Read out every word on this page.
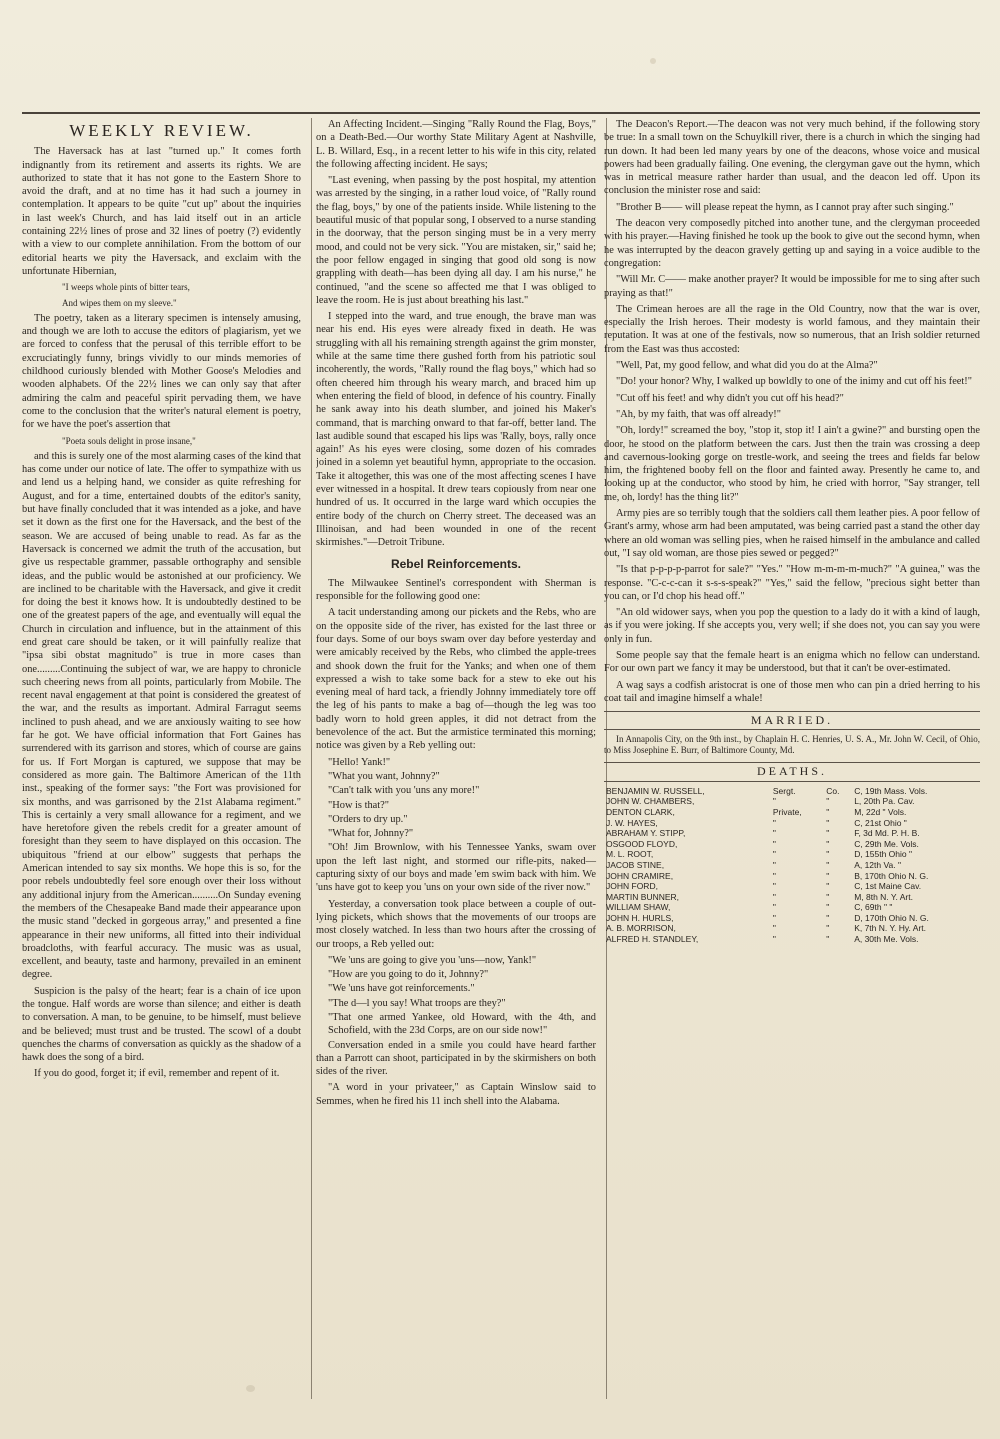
WEEKLY REVIEW.

The Haversack has at last "turned up." It comes forth indignantly from its retirement and asserts its rights. We are authorized to state that it has not gone to the Eastern Shore to avoid the draft, and at no time has it had such a journey in contemplation. It appears to be quite "cut up" about the inquiries in last week's Church, and has laid itself out in an article containing 22½ lines of prose and 32 lines of poetry (?) evidently with a view to our complete annihilation. From the bottom of our editorial hearts we pity the Haversack, and exclaim with the unfortunate Hibernian,

"I weeps whole pints of bitter tears,

And wipes them on my sleeve."

The poetry, taken as a literary specimen is intensely amusing, and though we are loth to accuse the editors of plagiarism, yet we are forced to confess that the perusal of this terrible effort to be excruciatingly funny, brings vividly to our minds memories of childhood curiously blended with Mother Goose's Melodies and wooden alphabets. Of the 22½ lines we can only say that after admiring the calm and peaceful spirit pervading them, we have come to the conclusion that the writer's natural element is poetry, for we have the poet's assertion that

"Poeta souls delight in prose insane,"

and this is surely one of the most alarming cases of the kind that has come under our notice of late. The offer to sympathize with us and lend us a helping hand, we consider as quite refreshing for August, and for a time, entertained doubts of the editor's sanity, but have finally concluded that it was intended as a joke, and have set it down as the first one for the Haversack, and the best of the season. We are accused of being unable to read. As far as the Haversack is concerned we admit the truth of the accusation, but give us respectable grammer, passable orthography and sensible ideas, and the public would be astonished at our proficiency. We are inclined to be charitable with the Haversack, and give it credit for doing the best it knows how. It is undoubtedly destined to be one of the greatest papers of the age, and eventually will equal the Church in circulation and influence, but in the attainment of this end great care should be taken, or it will painfully realize that "ipsa sibi obstat magnitudo" is true in more cases than one.........Continuing the subject of war, we are happy to chronicle such cheering news from all points, particularly from Mobile. The recent naval engagement at that point is considered the greatest of the war, and the results as important. Admiral Farragut seems inclined to push ahead, and we are anxiously waiting to see how far he got. We have official information that Fort Gaines has surrendered with its garrison and stores, which of course are gains for us. If Fort Morgan is captured, we suppose that may be considered as more gain. The Baltimore American of the 11th inst., speaking of the former says: "the Fort was provisioned for six months, and was garrisoned by the 21st Alabama regiment." This is certainly a very small allowance for a regiment, and we have heretofore given the rebels credit for a greater amount of foresight than they seem to have displayed on this occasion. The ubiquitous "friend at our elbow" suggests that perhaps the American intended to say six months. We hope this is so, for the poor rebels undoubtedly feel sore enough over their loss without any additional injury from the American..........On Sunday evening the members of the Chesapeake Band made their appearance upon the music stand "decked in gorgeous array," and presented a fine appearance in their new uniforms, all fitted into their individual broadcloths, with fearful accuracy. The music was as usual, excellent, and beauty, taste and harmony, prevailed in an eminent degree.

Suspicion is the palsy of the heart; fear is a chain of ice upon the tongue. Half words are worse than silence; and either is death to conversation. A man, to be genuine, to be himself, must believe and be believed; must trust and be trusted. The scowl of a doubt quenches the charms of conversation as quickly as the shadow of a hawk does the song of a bird.

If you do good, forget it; if evil, remember and repent of it.

An Affecting Incident.—Singing "Rally Round the Flag, Boys," on a Death-Bed.—Our worthy State Military Agent at Nashville, L. B. Willard, Esq., in a recent letter to his wife in this city, related the following affecting incident. He says;

"Last evening, when passing by the post hospital, my attention was arrested by the singing, in a rather loud voice, of "Rally round the flag, boys," by one of the patients inside. While listening to the beautiful music of that popular song, I observed to a nurse standing in the doorway, that the person singing must be in a very merry mood, and could not be very sick. "You are mistaken, sir," said he; the poor fellow engaged in singing that good old song is now grappling with death—has been dying all day. I am his nurse," he continued, "and the scene so affected me that I was obliged to leave the room. He is just about breathing his last."

I stepped into the ward, and true enough, the brave man was near his end. His eyes were already fixed in death. He was struggling with all his remaining strength against the grim monster, while at the same time there gushed forth from his patriotic soul incoherently, the words, "Rally round the flag boys," which had so often cheered him through his weary march, and braced him up when entering the field of blood, in defence of his country. Finally he sank away into his death slumber, and joined his Maker's command, that is marching onward to that far-off, better land. The last audible sound that escaped his lips was 'Rally, boys, rally once again!' As his eyes were closing, some dozen of his comrades joined in a solemn yet beautiful hymn, appropriate to the occasion. Take it altogether, this was one of the most affecting scenes I have ever witnessed in a hospital. It drew tears copiously from near one hundred of us. It occurred in the large ward which occupies the entire body of the church on Cherry street. The deceased was an Illinoisan, and had been wounded in one of the recent skirmishes."—Detroit Tribune.

Rebel Reinforcements.

The Milwaukee Sentinel's correspondent with Sherman is responsible for the following good one:

A tacit understanding among our pickets and the Rebs, who are on the opposite side of the river, has existed for the last three or four days. Some of our boys swam over day before yesterday and were amicably received by the Rebs, who climbed the apple-trees and shook down the fruit for the Yanks; and when one of them expressed a wish to take some back for a stew to eke out his evening meal of hard tack, a friendly Johnny immediately tore off the leg of his pants to make a bag of—though the leg was too badly worn to hold green apples, it did not detract from the benevolence of the act. But the armistice terminated this morning; notice was given by a Reb yelling out:

"Hello! Yank!"

"What you want, Johnny?"

"Can't talk with you 'uns any more!"

"How is that?"

"Orders to dry up."

"What for, Johnny?"

"Oh! Jim Brownlow, with his Tennessee Yanks, swam over upon the left last night, and stormed our rifle-pits, naked—capturing sixty of our boys and made 'em swim back with him. We 'uns have got to keep you 'uns on your own side of the river now."

Yesterday, a conversation took place between a couple of out-lying pickets, which shows that the movements of our troops are most closely watched. In less than two hours after the crossing of our troops, a Reb yelled out:

"We 'uns are going to give you 'uns—now, Yank!"

"How are you going to do it, Johnny?"

"We 'uns have got reinforcements."

"The d—l you say! What troops are they?"

"That one armed Yankee, old Howard, with the 4th, and Schofield, with the 23d Corps, are on our side now!"

Conversation ended in a smile you could have heard farther than a Parrott can shoot, participated in by the skirmishers on both sides of the river.

"A word in your privateer," as Captain Winslow said to Semmes, when he fired his 11 inch shell into the Alabama.

The Deacon's Report.—The deacon was not very much behind, if the following story be true: In a small town on the Schuylkill river, there is a church in which the singing had run down. It had been led many years by one of the deacons, whose voice and musical powers had been gradually failing. One evening, the clergyman gave out the hymn, which was in metrical measure rather harder than usual, and the deacon led off. Upon its conclusion the minister rose and said:

"Brother B—— will please repeat the hymn, as I cannot pray after such singing."

The deacon very composedly pitched into another tune, and the clergyman proceeded with his prayer.—Having finished he took up the book to give out the second hymn, when he was interrupted by the deacon gravely getting up and saying in a voice audible to the congregation:

"Will Mr. C—— make another prayer? It would be impossible for me to sing after such praying as that!"

The Crimean heroes are all the rage in the Old Country, now that the war is over, especially the Irish heroes. Their modesty is world famous, and they maintain their reputation. It was at one of the festivals, now so numerous, that an Irish soldier returned from the East was thus accosted:

"Well, Pat, my good fellow, and what did you do at the Alma?"

"Do! your honor? Why, I walked up bowldly to one of the inimy and cut off his feet!"

"Cut off his feet! and why didn't you cut off his head?"

"Ah, by my faith, that was off already!"

"Oh, lordy!" screamed the boy, "stop it, stop it! I ain't a gwine?" and bursting open the door, he stood on the platform between the cars. Just then the train was crossing a deep and cavernous-looking gorge on trestle-work, and seeing the trees and fields far below him, the frightened booby fell on the floor and fainted away. Presently he came to, and looking up at the conductor, who stood by him, he cried with horror, "Say stranger, tell me, oh, lordy! has the thing lit?"

Army pies are so terribly tough that the soldiers call them leather pies. A poor fellow of Grant's army, whose arm had been amputated, was being carried past a stand the other day where an old woman was selling pies, when he raised himself in the ambulance and called out, "I say old woman, are those pies sewed or pegged?"

"Is that p-p-p-p-parrot for sale?" "Yes." "How m-m-m-m-much?" "A guinea," was the response. "C-c-c-can it s-s-s-speak?" "Yes," said the fellow, "precious sight better than you can, or I'd chop his head off."

"An old widower says, when you pop the question to a lady do it with a kind of laugh, as if you were joking. If she accepts you, very well; if she does not, you can say you were only in fun.

Some people say that the female heart is an enigma which no fellow can understand. For our own part we fancy it may be understood, but that it can't be over-estimated.

A wag says a codfish aristocrat is one of those men who can pin a dried herring to his coat tail and imagine himself a whale!

MARRIED.

In Annapolis City, on the 9th inst., by Chaplain H. C. Henries, U. S. A., Mr. John W. Cecil, of Ohio, to Miss Josephine E. Burr, of Baltimore County, Md.

DEATHS.
BENJAMIN W. RUSSELL,	Sergt.	Co.	C, 19th Mass. Vols.
JOHN W. CHAMBERS,	"	"	L, 20th Pa. Cav.
DENTON CLARK,	Private,	"	M, 22d " Vols.
J. W. HAYES,	"	"	C, 21st Ohio "
ABRAHAM Y. STIPP,	"	"	F, 3d Md. P. H. B.
OSGOOD FLOYD,	"	"	C, 29th Me. Vols.
M. L. ROOT,	"	"	D, 155th Ohio "
JACOB STINE,	"	"	A, 12th Va. "
JOHN CRAMIRE,	"	"	B, 170th Ohio N. G.
JOHN FORD,	"	"	C, 1st Maine Cav.
MARTIN BUNNER,	"	"	M, 8th N. Y. Art.
WILLIAM SHAW,	"	"	C, 69th " "
JOHN H. HURLS,	"	"	D, 170th Ohio N. G.
A. B. MORRISON,	"	"	K, 7th N. Y. Hy. Art.
ALFRED H. STANDLEY,	"	"	A, 30th Me. Vols.
